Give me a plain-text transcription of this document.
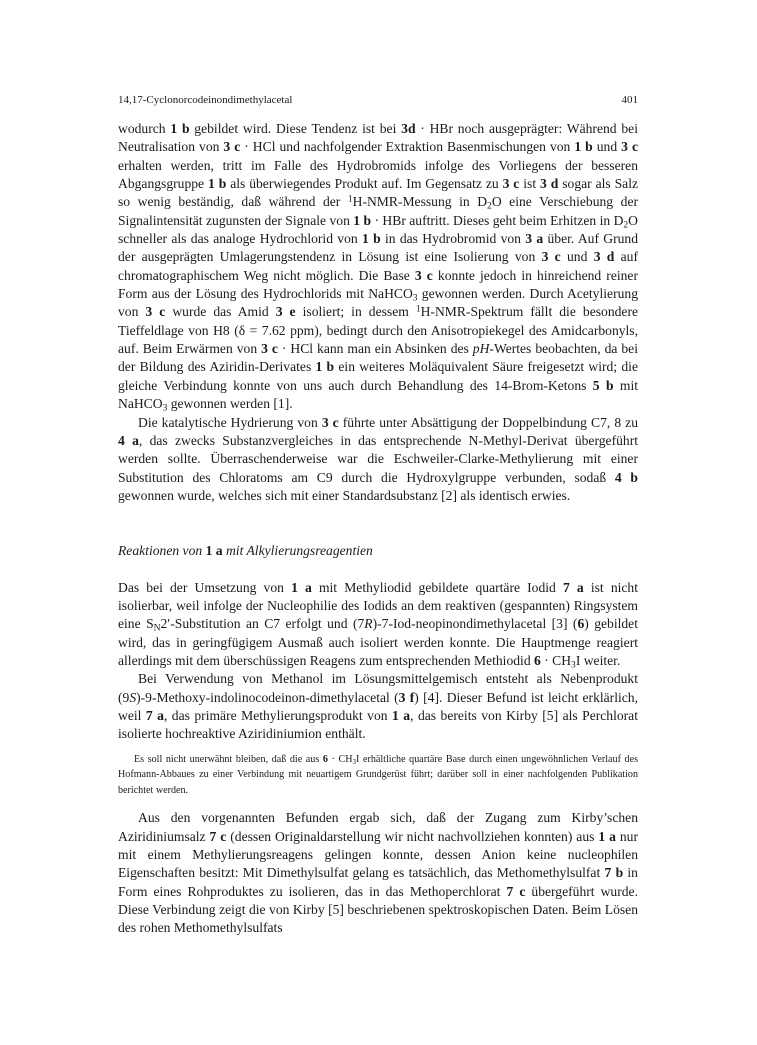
14,17-Cyclonorcodeinondimethylacetal	401

wodurch 1 b gebildet wird. Diese Tendenz ist bei 3d · HBr noch ausgeprägter: Während bei Neutralisation von 3 c · HCl und nachfolgender Extraktion Basenmischungen von 1 b und 3 c erhalten werden, tritt im Falle des Hydrobromids infolge des Vorliegens der besseren Abgangsgruppe 1 b als überwiegendes Produkt auf. Im Gegensatz zu 3 c ist 3 d sogar als Salz so wenig beständig, daß während der $^1$H-NMR-Messung in $D_2O$ eine Verschiebung der Signalintensität zugunsten der Signale von 1 b · HBr auftritt. Dieses geht beim Erhitzen in $D_2O$ schneller als das analoge Hydrochlorid von 1 b in das Hydrobromid von 3 a über. Auf Grund der ausgeprägten Umlagerungstendenz in Lösung ist eine Isolierung von 3 c und 3 d auf chromatographischem Weg nicht möglich. Die Base 3 c konnte jedoch in hinreichend reiner Form aus der Lösung des Hydrochlorids mit NaHCO$_3$ gewonnen werden. Durch Acetylierung von 3 c wurde das Amid 3 e isoliert; in dessem $^1$H-NMR-Spektrum fällt die besondere Tieffeldlage von H8 (δ = 7.62 ppm), bedingt durch den Anisotropiekegel des Amidcarbonyls, auf. Beim Erwärmen von 3 c · HCl kann man ein Absinken des pH-Wertes beobachten, da bei der Bildung des Aziridin-Derivates 1 b ein weiteres Moläquivalent Säure freigesetzt wird; die gleiche Verbindung konnte von uns auch durch Behandlung des 14-Brom-Ketons 5 b mit NaHCO$_3$ gewonnen werden [1].

Die katalytische Hydrierung von 3 c führte unter Absättigung der Doppelbindung C7, 8 zu 4 a, das zwecks Substanzvergleiches in das entsprechende N-Methyl-Derivat übergeführt werden sollte. Überraschenderweise war die Eschweiler-Clarke-Methylierung mit einer Substitution des Chloratoms am C9 durch die Hydroxylgruppe verbunden, sodaß 4 b gewonnen wurde, welches sich mit einer Standardsubstanz [2] als identisch erwies.

Reaktionen von 1 a mit Alkylierungsreagentien

Das bei der Umsetzung von 1 a mit Methyliodid gebildete quartäre Iodid 7 a ist nicht isolierbar, weil infolge der Nucleophilie des Iodids an dem reaktiven (gespannten) Ringsystem eine $S_N2'$-Substitution an C7 erfolgt und (7R)-7-Iod-neopinondimethylacetal [3] (6) gebildet wird, das in geringfügigem Ausmaß auch isoliert werden konnte. Die Hauptmenge reagiert allerdings mit dem überschüssigen Reagens zum entsprechenden Methiodid $6 \cdot CH_3I$ weiter.

Bei Verwendung von Methanol im Lösungsmittelgemisch entsteht als Nebenprodukt (9S)-9-Methoxy-indolinocodeinon-dimethylacetal (3 f) [4]. Dieser Befund ist leicht erklärlich, weil 7 a, das primäre Methylierungsprodukt von 1 a, das bereits von Kirby [5] als Perchlorat isolierte hochreaktive Aziridiniumion enthält.

Es soll nicht unerwähnt bleiben, daß die aus $6 \cdot CH_3I$ erhältliche quartäre Base durch einen ungewöhnlichen Verlauf des Hofmann-Abbaues zu einer Verbindung mit neuartigem Grundgerüst führt; darüber soll in einer nachfolgenden Publikation berichtet werden.

Aus den vorgenannten Befunden ergab sich, daß der Zugang zum Kirby’schen Aziridiniumsalz 7 c (dessen Originaldarstellung wir nicht nachvollziehen konnten) aus 1 a nur mit einem Methylierungsreagens gelingen konnte, dessen Anion keine nucleophilen Eigenschaften besitzt: Mit Dimethylsulfat gelang es tatsächlich, das Methomethylsulfat 7 b in Form eines Rohproduktes zu isolieren, das in das Methoperchlorat 7 c übergeführt wurde. Diese Verbindung zeigt die von Kirby [5] beschriebenen spektroskopischen Daten. Beim Lösen des rohen Methomethylsulfats
